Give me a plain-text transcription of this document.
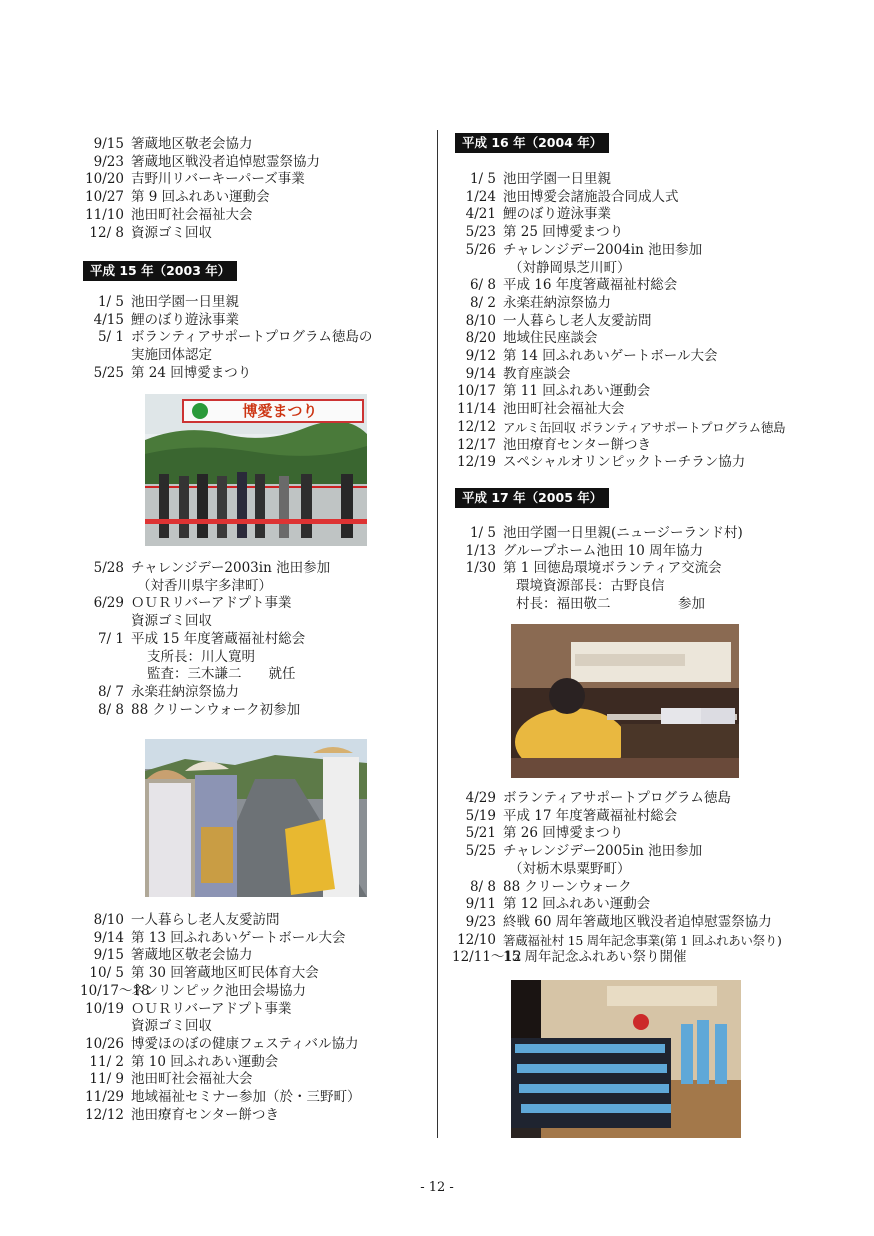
9/15 箸蔵地区敬老会協力
9/23 箸蔵地区戦没者追悼慰霊祭協力
10/20 吉野川リバーキーパーズ事業
10/27 第 9 回ふれあい運動会
11/10 池田町社会福祉大会
12/ 8 資源ゴミ回収
平成 15 年（2003 年）
1/ 5 池田学園一日里親
4/15 鯉のぼり遊泳事業
5/ 1 ボランティアサポートプログラム徳島の
実施団体認定
5/25 第 24 回博愛まつり
博愛まつり
5/28 チャレンジデー2003in 池田参加
（対香川県宇多津町）
6/29 ＯＵＲリバーアドプト事業
資源ゴミ回収
7/ 1 平成 15 年度箸蔵福祉村総会
支所長：川人寛明
監査：三木謙二　　就任
8/ 7 永楽荘納涼祭協力
8/ 8 88 クリーンウォーク初参加
8/10 一人暮らし老人友愛訪問
9/14 第 13 回ふれあいゲートボール大会
9/15 箸蔵地区敬老会協力
10/ 5 第 30 回箸蔵地区町民体育大会
10/17～18
ネンリンピック池田会場協力
10/19 ＯＵＲリバーアドプト事業
資源ゴミ回収
10/26 博愛ほのぼの健康フェスティバル協力
11/ 2 第 10 回ふれあい運動会
11/ 9 池田町社会福祉大会
11/29 地域福祉セミナー参加（於・三野町）
12/12 池田療育センター餅つき
平成 16 年（2004 年）
1/ 5 池田学園一日里親
1/24 池田博愛会諸施設合同成人式
4/21 鯉のぼり遊泳事業
5/23 第 25 回博愛まつり
5/26 チャレンジデー2004in 池田参加
（対静岡県芝川町）
6/ 8 平成 16 年度箸蔵福祉村総会
8/ 2 永楽荘納涼祭協力
8/10 一人暮らし老人友愛訪問
8/20 地域住民座談会
9/12 第 14 回ふれあいゲートボール大会
9/14 教育座談会
10/17 第 11 回ふれあい運動会
11/14 池田町社会福祉大会
12/12 アルミ缶回収 ボランティアサポートプログラム徳島
12/17 池田療育センター餅つき
12/19 スペシャルオリンピックトーチラン協力
平成 17 年（2005 年）
1/ 5 池田学園一日里親(ニュージーランド村)
1/13 グループホーム池田 10 周年協力
1/30 第 1 回徳島環境ボランティア交流会
環境資源部長：古野良信
村長：福田敬二　　　　　参加
4/29 ボランティアサポートプログラム徳島
5/19 平成 17 年度箸蔵福祉村総会
5/21 第 26 回博愛まつり
5/25 チャレンジデー2005in 池田参加
（対栃木県粟野町）
8/ 8 88 クリーンウォーク
9/11 第 12 回ふれあい運動会
9/23 終戦 60 周年箸蔵地区戦没者追悼慰霊祭協力
12/10 箸蔵福祉村 15 周年記念事業(第 1 回ふれあい祭り)
12/11～12
15 周年記念ふれあい祭り開催
- 12 -
